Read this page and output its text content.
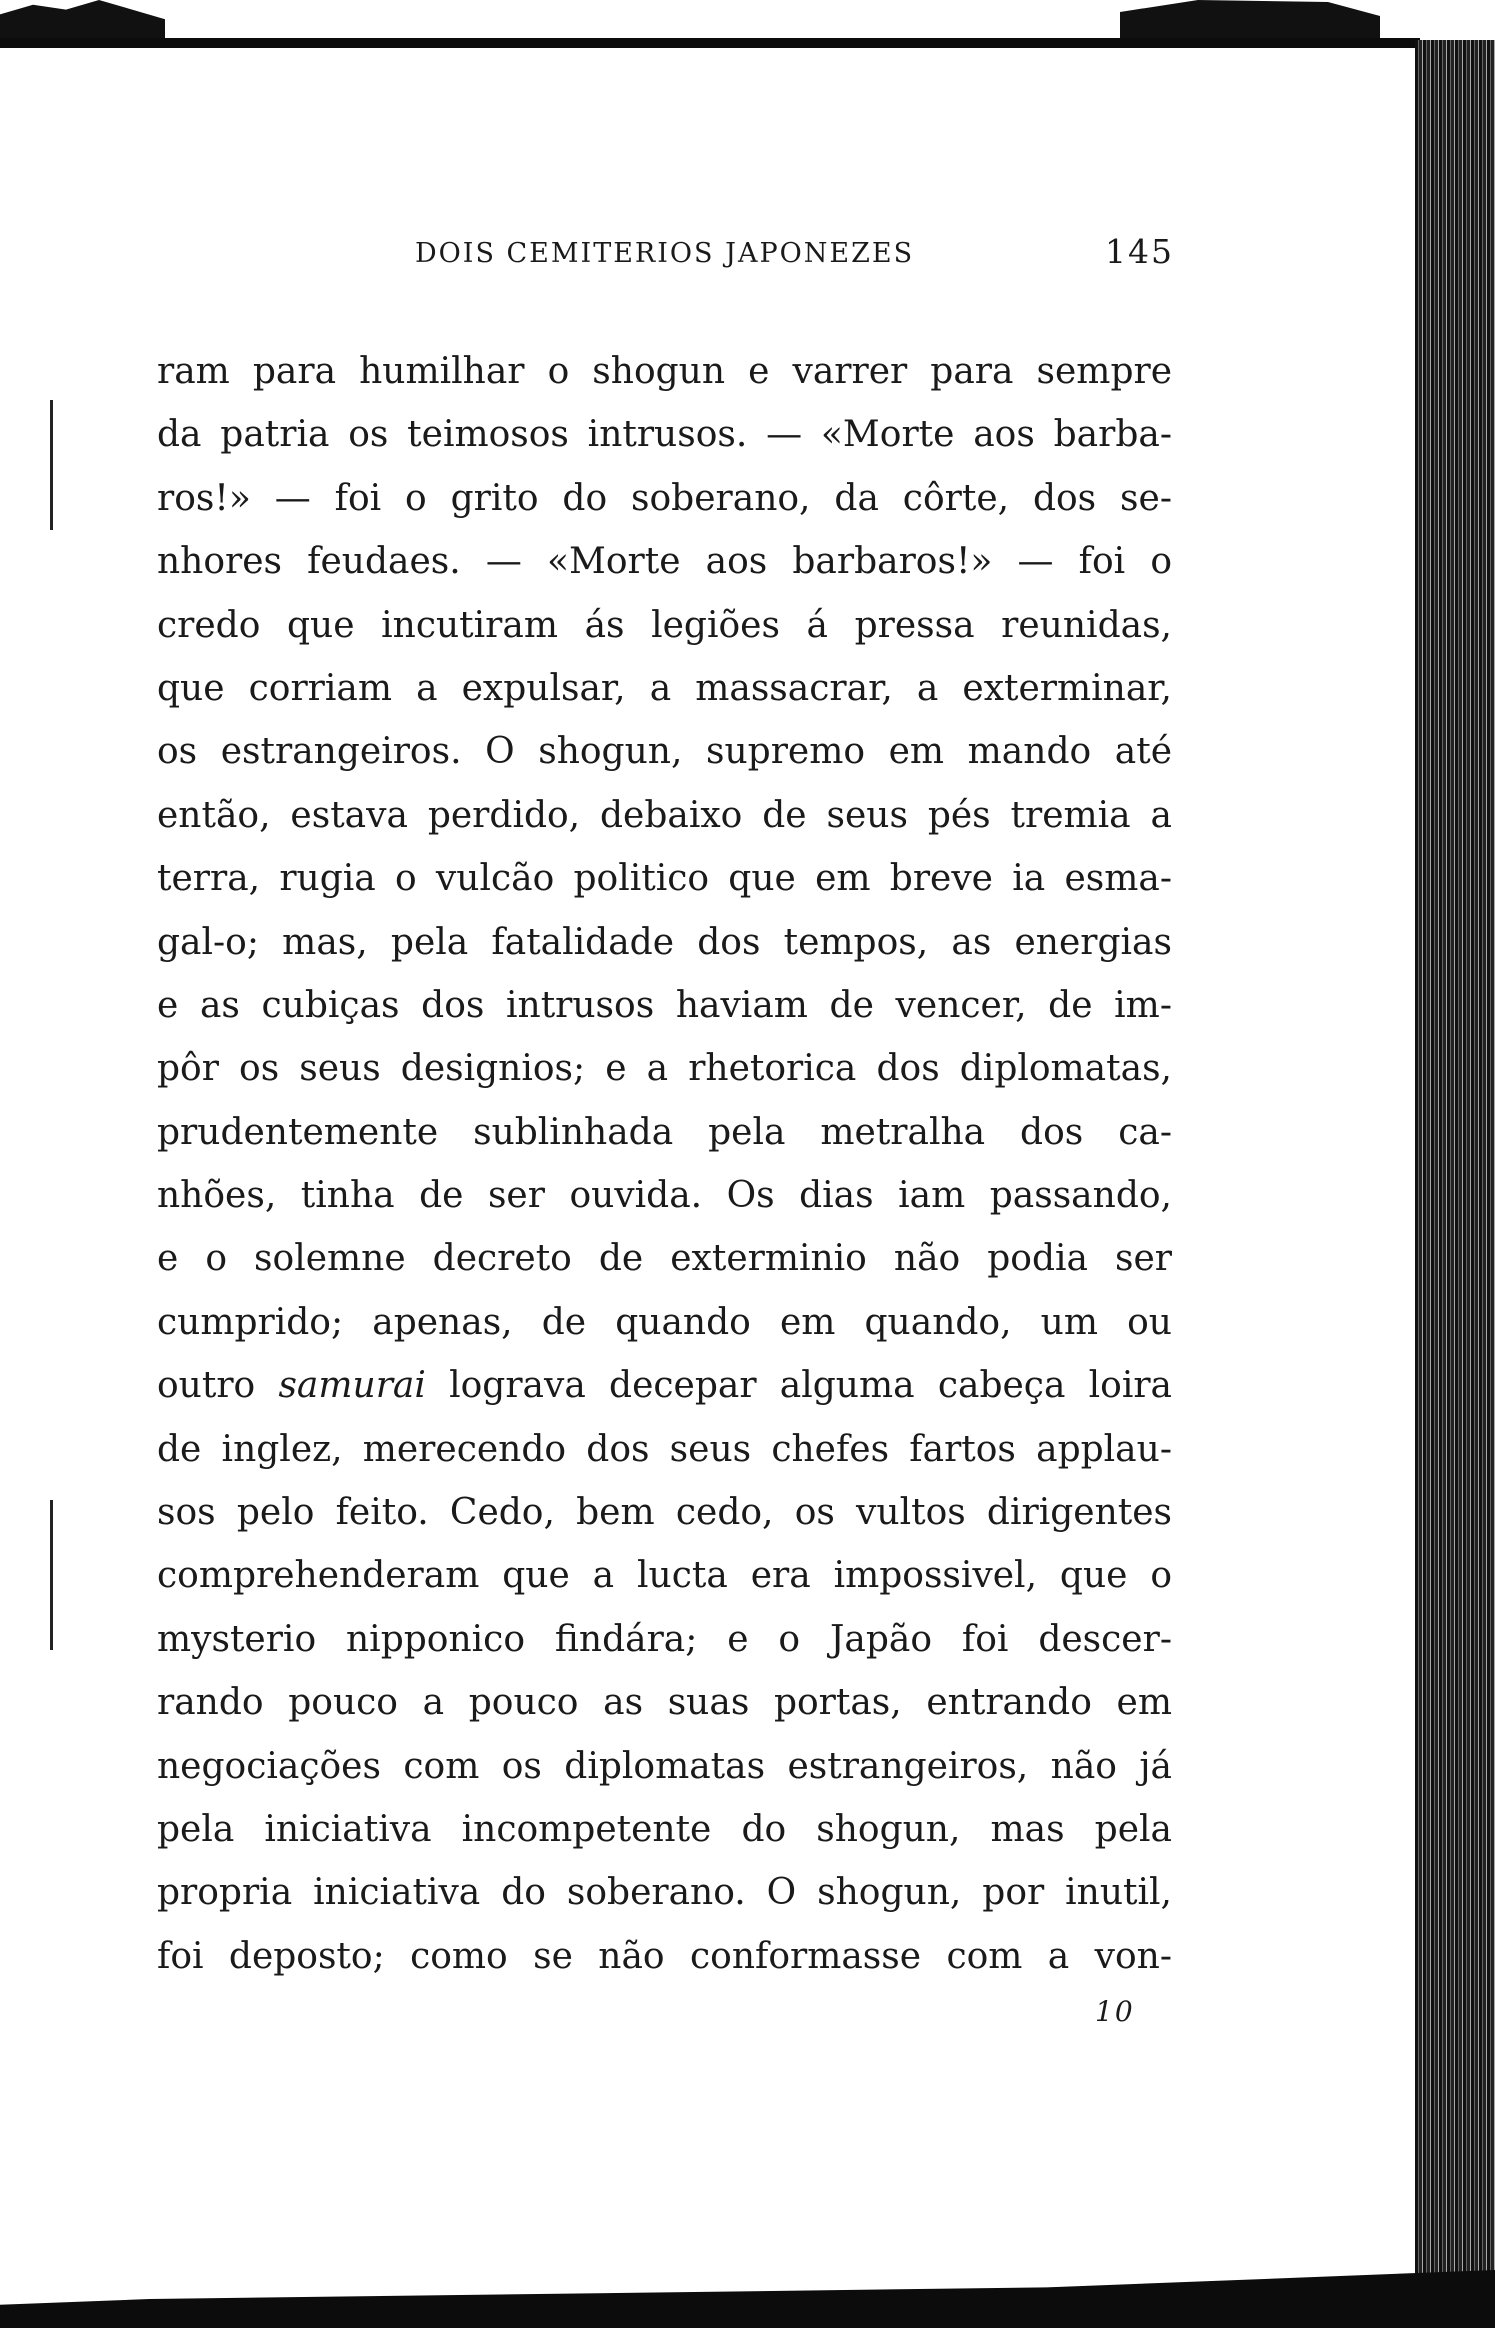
DOIS CEMITERIOS JAPONEZES	145
ram para humilhar o shogun e varrer para sempre
da patria os teimosos intrusos. — «Morte aos barba-
ros!» — foi o grito do soberano, da côrte, dos se-
nhores feudaes. — «Morte aos barbaros!» — foi o
credo que incutiram ás legiões á pressa reunidas,
que corriam a expulsar, a massacrar, a exterminar,
os estrangeiros. O shogun, supremo em mando até
então, estava perdido, debaixo de seus pés tremia a
terra, rugia o vulcão politico que em breve ia esma-
gal-o; mas, pela fatalidade dos tempos, as energias
e as cubiças dos intrusos haviam de vencer, de im-
pôr os seus designios; e a rhetorica dos diplomatas,
prudentemente sublinhada pela metralha dos ca-
nhões, tinha de ser ouvida. Os dias iam passando,
e o solemne decreto de exterminio não podia ser
cumprido; apenas, de quando em quando, um ou
outro samurai lograva decepar alguma cabeça loira
de inglez, merecendo dos seus chefes fartos applau-
sos pelo feito. Cedo, bem cedo, os vultos dirigentes
comprehenderam que a lucta era impossivel, que o
mysterio nipponico findára; e o Japão foi descer-
rando pouco a pouco as suas portas, entrando em
negociações com os diplomatas estrangeiros, não já
pela iniciativa incompetente do shogun, mas pela
propria iniciativa do soberano. O shogun, por inutil,
foi deposto; como se não conformasse com a von-
10
